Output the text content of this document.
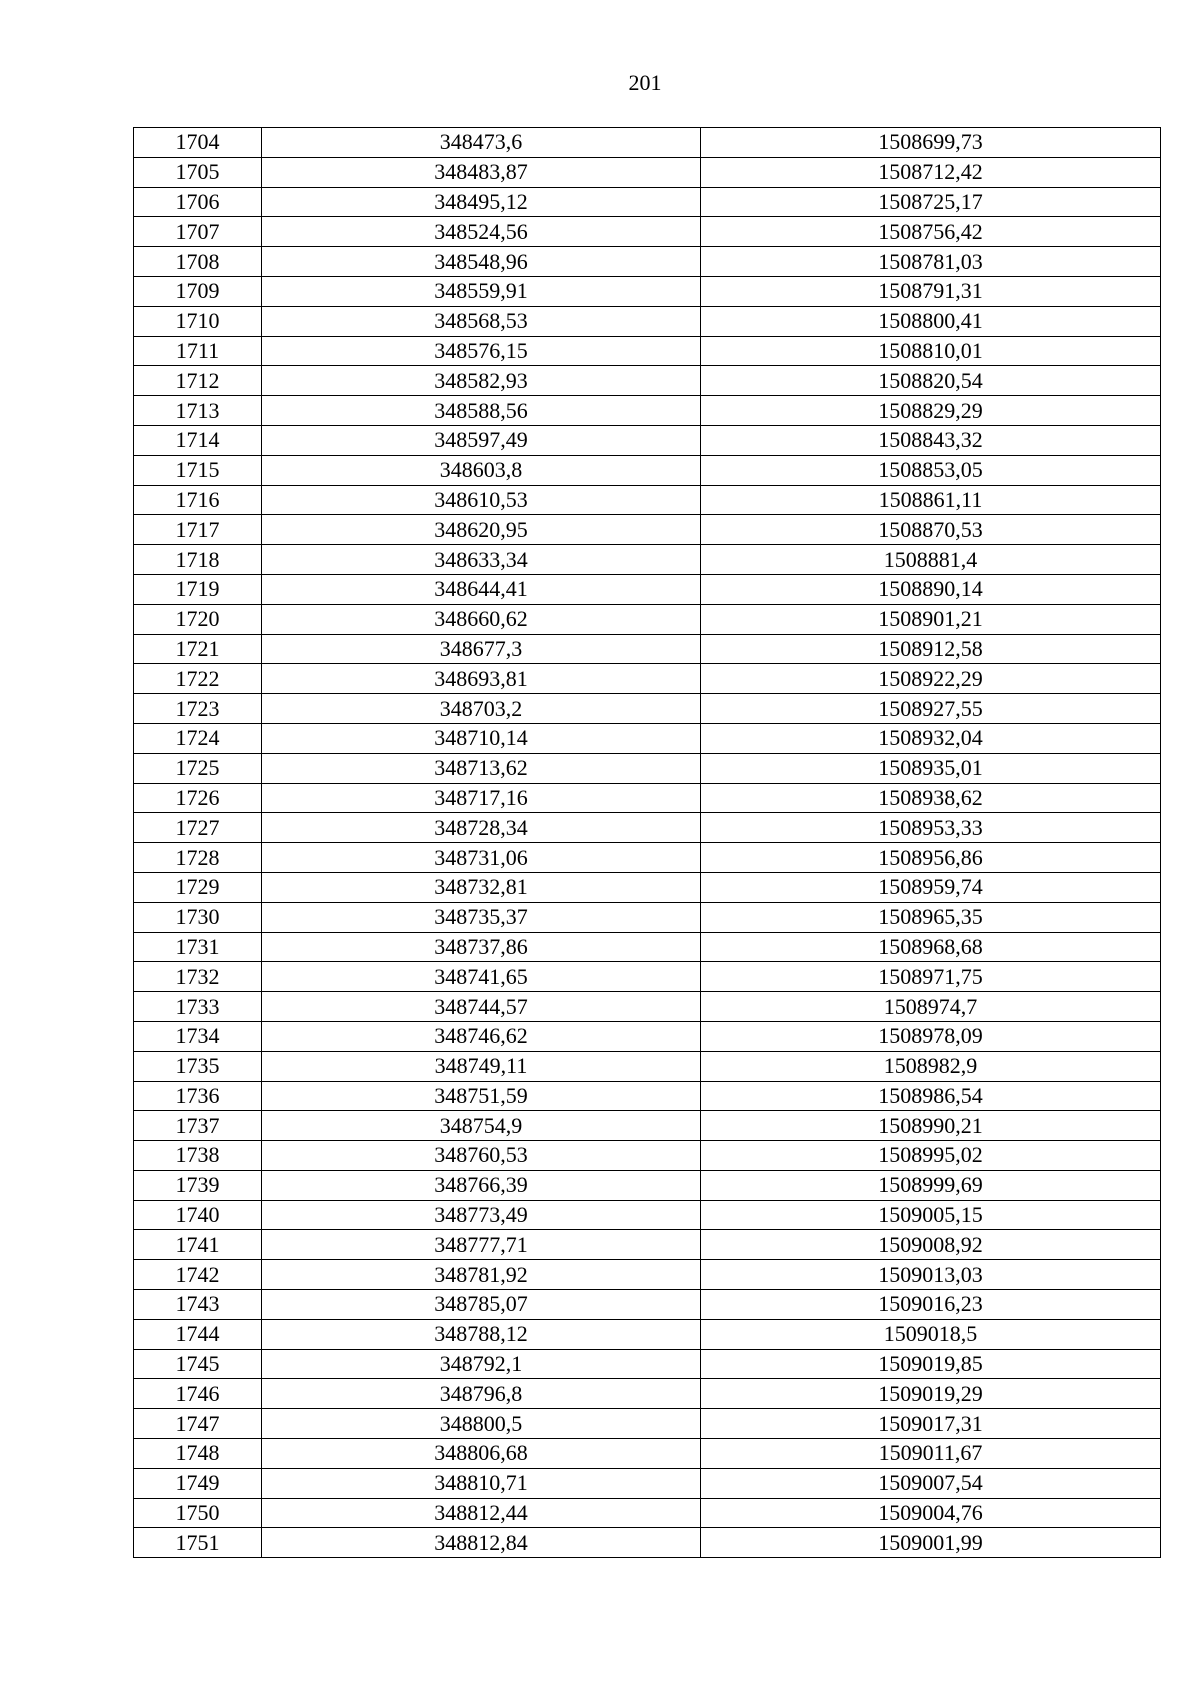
201
1704	348473,6	1508699,73
1705	348483,87	1508712,42
1706	348495,12	1508725,17
1707	348524,56	1508756,42
1708	348548,96	1508781,03
1709	348559,91	1508791,31
1710	348568,53	1508800,41
1711	348576,15	1508810,01
1712	348582,93	1508820,54
1713	348588,56	1508829,29
1714	348597,49	1508843,32
1715	348603,8	1508853,05
1716	348610,53	1508861,11
1717	348620,95	1508870,53
1718	348633,34	1508881,4
1719	348644,41	1508890,14
1720	348660,62	1508901,21
1721	348677,3	1508912,58
1722	348693,81	1508922,29
1723	348703,2	1508927,55
1724	348710,14	1508932,04
1725	348713,62	1508935,01
1726	348717,16	1508938,62
1727	348728,34	1508953,33
1728	348731,06	1508956,86
1729	348732,81	1508959,74
1730	348735,37	1508965,35
1731	348737,86	1508968,68
1732	348741,65	1508971,75
1733	348744,57	1508974,7
1734	348746,62	1508978,09
1735	348749,11	1508982,9
1736	348751,59	1508986,54
1737	348754,9	1508990,21
1738	348760,53	1508995,02
1739	348766,39	1508999,69
1740	348773,49	1509005,15
1741	348777,71	1509008,92
1742	348781,92	1509013,03
1743	348785,07	1509016,23
1744	348788,12	1509018,5
1745	348792,1	1509019,85
1746	348796,8	1509019,29
1747	348800,5	1509017,31
1748	348806,68	1509011,67
1749	348810,71	1509007,54
1750	348812,44	1509004,76
1751	348812,84	1509001,99
